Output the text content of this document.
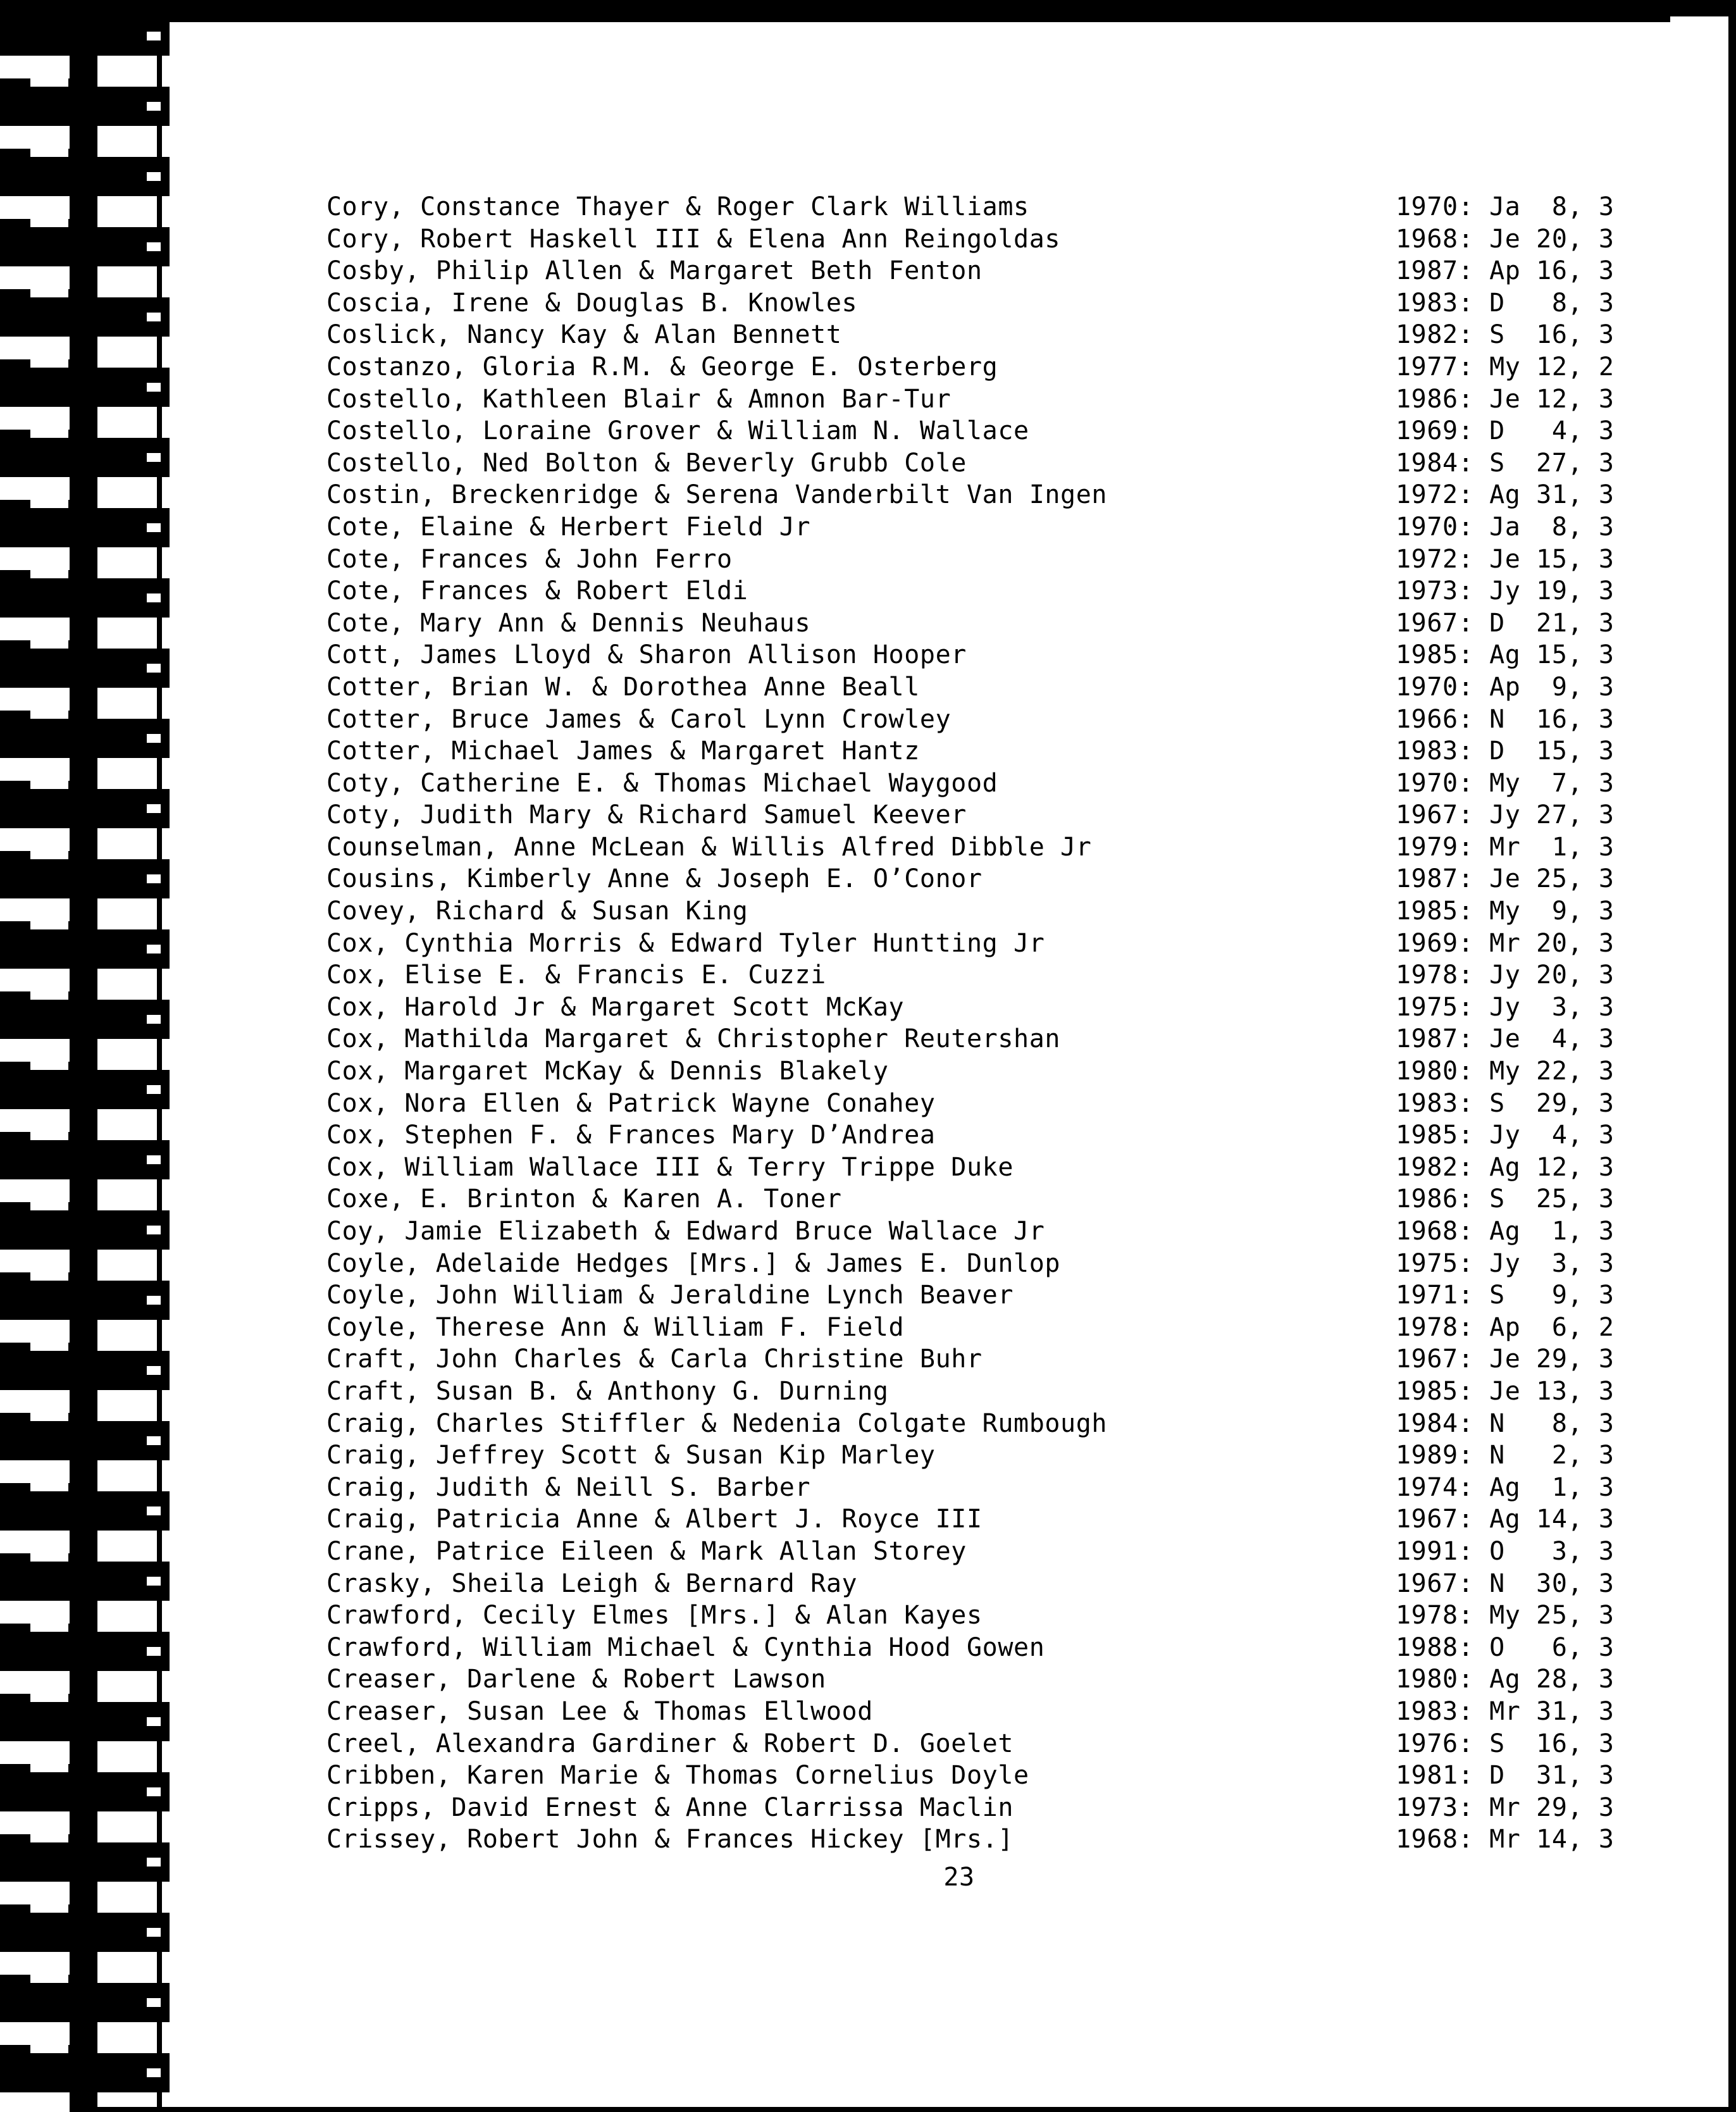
Cory, Constance Thayer & Roger Clark Williams	1970: Ja  8, 3
Cory, Robert Haskell III & Elena Ann Reingoldas	1968: Je 20, 3
Cosby, Philip Allen & Margaret Beth Fenton	1987: Ap 16, 3
Coscia, Irene & Douglas B. Knowles	1983: D   8, 3
Coslick, Nancy Kay & Alan Bennett	1982: S  16, 3
Costanzo, Gloria R.M. & George E. Osterberg	1977: My 12, 2
Costello, Kathleen Blair & Amnon Bar-Tur	1986: Je 12, 3
Costello, Loraine Grover & William N. Wallace	1969: D   4, 3
Costello, Ned Bolton & Beverly Grubb Cole	1984: S  27, 3
Costin, Breckenridge & Serena Vanderbilt Van Ingen	1972: Ag 31, 3
Cote, Elaine & Herbert Field Jr	1970: Ja  8, 3
Cote, Frances & John Ferro	1972: Je 15, 3
Cote, Frances & Robert Eldi	1973: Jy 19, 3
Cote, Mary Ann & Dennis Neuhaus	1967: D  21, 3
Cott, James Lloyd & Sharon Allison Hooper	1985: Ag 15, 3
Cotter, Brian W. & Dorothea Anne Beall	1970: Ap  9, 3
Cotter, Bruce James & Carol Lynn Crowley	1966: N  16, 3
Cotter, Michael James & Margaret Hantz	1983: D  15, 3
Coty, Catherine E. & Thomas Michael Waygood	1970: My  7, 3
Coty, Judith Mary & Richard Samuel Keever	1967: Jy 27, 3
Counselman, Anne McLean & Willis Alfred Dibble Jr	1979: Mr  1, 3
Cousins, Kimberly Anne & Joseph E. O’Conor	1987: Je 25, 3
Covey, Richard & Susan King	1985: My  9, 3
Cox, Cynthia Morris & Edward Tyler Huntting Jr	1969: Mr 20, 3
Cox, Elise E. & Francis E. Cuzzi	1978: Jy 20, 3
Cox, Harold Jr & Margaret Scott McKay	1975: Jy  3, 3
Cox, Mathilda Margaret & Christopher Reutershan	1987: Je  4, 3
Cox, Margaret McKay & Dennis Blakely	1980: My 22, 3
Cox, Nora Ellen & Patrick Wayne Conahey	1983: S  29, 3
Cox, Stephen F. & Frances Mary D’Andrea	1985: Jy  4, 3
Cox, William Wallace III & Terry Trippe Duke	1982: Ag 12, 3
Coxe, E. Brinton & Karen A. Toner	1986: S  25, 3
Coy, Jamie Elizabeth & Edward Bruce Wallace Jr	1968: Ag  1, 3
Coyle, Adelaide Hedges [Mrs.] & James E. Dunlop	1975: Jy  3, 3
Coyle, John William & Jeraldine Lynch Beaver	1971: S   9, 3
Coyle, Therese Ann & William F. Field	1978: Ap  6, 2
Craft, John Charles & Carla Christine Buhr	1967: Je 29, 3
Craft, Susan B. & Anthony G. Durning	1985: Je 13, 3
Craig, Charles Stiffler & Nedenia Colgate Rumbough	1984: N   8, 3
Craig, Jeffrey Scott & Susan Kip Marley	1989: N   2, 3
Craig, Judith & Neill S. Barber	1974: Ag  1, 3
Craig, Patricia Anne & Albert J. Royce III	1967: Ag 14, 3
Crane, Patrice Eileen & Mark Allan Storey	1991: O   3, 3
Crasky, Sheila Leigh & Bernard Ray	1967: N  30, 3
Crawford, Cecily Elmes [Mrs.] & Alan Kayes	1978: My 25, 3
Crawford, William Michael & Cynthia Hood Gowen	1988: O   6, 3
Creaser, Darlene & Robert Lawson	1980: Ag 28, 3
Creaser, Susan Lee & Thomas Ellwood	1983: Mr 31, 3
Creel, Alexandra Gardiner & Robert D. Goelet	1976: S  16, 3
Cribben, Karen Marie & Thomas Cornelius Doyle	1981: D  31, 3
Cripps, David Ernest & Anne Clarrissa Maclin	1973: Mr 29, 3
Crissey, Robert John & Frances Hickey [Mrs.]	1968: Mr 14, 3
23
